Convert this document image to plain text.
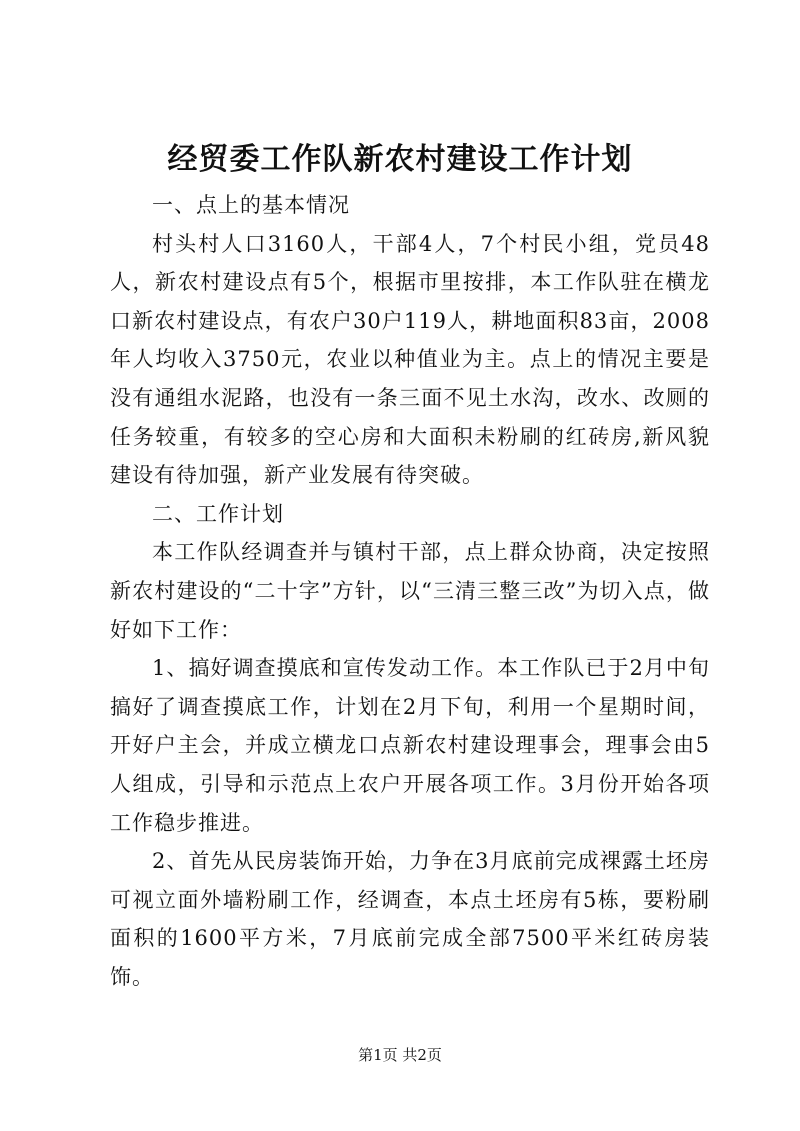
经贸委工作队新农村建设工作计划

一、点上的基本情况

村头村人口3160人，干部4人，7个村民小组，党员48人，新农村建设点有5个，根据市里按排，本工作队驻在横龙口新农村建设点，有农户30户119人，耕地面积83亩，2008年人均收入3750元，农业以种值业为主。点上的情况主要是没有通组水泥路，也没有一条三面不见土水沟，改水、改厕的任务较重，有较多的空心房和大面积未粉刷的红砖房,新风貌建设有待加强，新产业发展有待突破。

二、工作计划

本工作队经调查并与镇村干部，点上群众协商，决定按照新农村建设的“二十字”方针，以“三清三整三改”为切入点，做好如下工作：

1、搞好调查摸底和宣传发动工作。本工作队已于2月中旬搞好了调查摸底工作，计划在2月下旬，利用一个星期时间，开好户主会，并成立横龙口点新农村建设理事会，理事会由5人组成，引导和示范点上农户开展各项工作。3月份开始各项工作稳步推进。

2、首先从民房装饰开始，力争在3月底前完成裸露土坯房可视立面外墙粉刷工作，经调查，本点土坯房有5栋，要粉刷面积的1600平方米，7月底前完成全部7500平米红砖房装饰。

第1页 共2页
